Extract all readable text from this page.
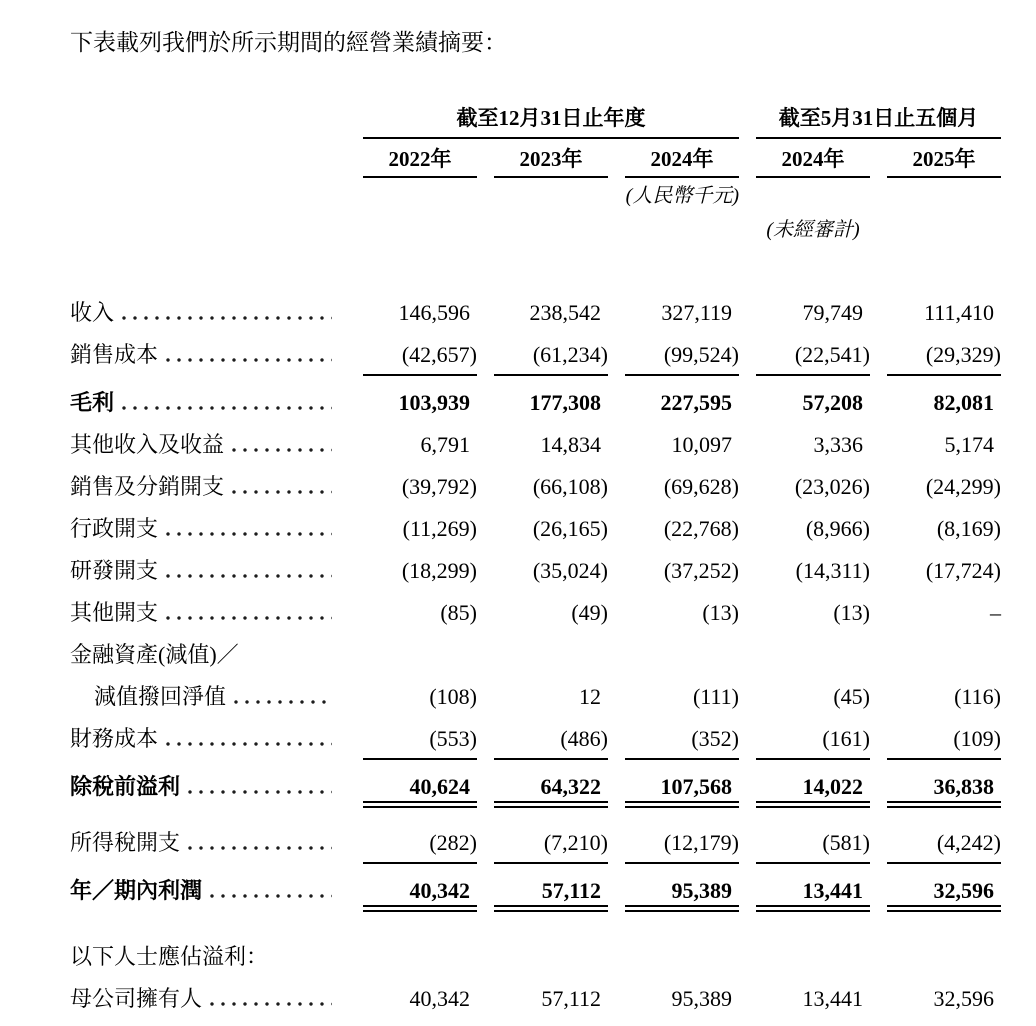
下表載列我們於所示期間的經營業績摘要：

截至12月31日止年度	截至5月31日止五個月
2022年	2023年	2024年	2024年	2025年
(人民幣千元)
(未經審計)
收入	146,596	238,542	327,119	79,749	111,410
銷售成本	(42,657)	(61,234)	(99,524)	(22,541)	(29,329)
毛利	103,939	177,308	227,595	57,208	82,081
其他收入及收益	6,791	14,834	10,097	3,336	5,174
銷售及分銷開支	(39,792)	(66,108)	(69,628)	(23,026)	(24,299)
行政開支	(11,269)	(26,165)	(22,768)	(8,966)	(8,169)
研發開支	(18,299)	(35,024)	(37,252)	(14,311)	(17,724)
其他開支	(85)	(49)	(13)	(13)	–
金融資產(減值)／
減值撥回淨值	(108)	12	(111)	(45)	(116)
財務成本	(553)	(486)	(352)	(161)	(109)
除稅前溢利	40,624	64,322	107,568	14,022	36,838
所得稅開支	(282)	(7,210)	(12,179)	(581)	(4,242)
年／期內利潤	40,342	57,112	95,389	13,441	32,596
以下人士應佔溢利：
母公司擁有人	40,342	57,112	95,389	13,441	32,596
